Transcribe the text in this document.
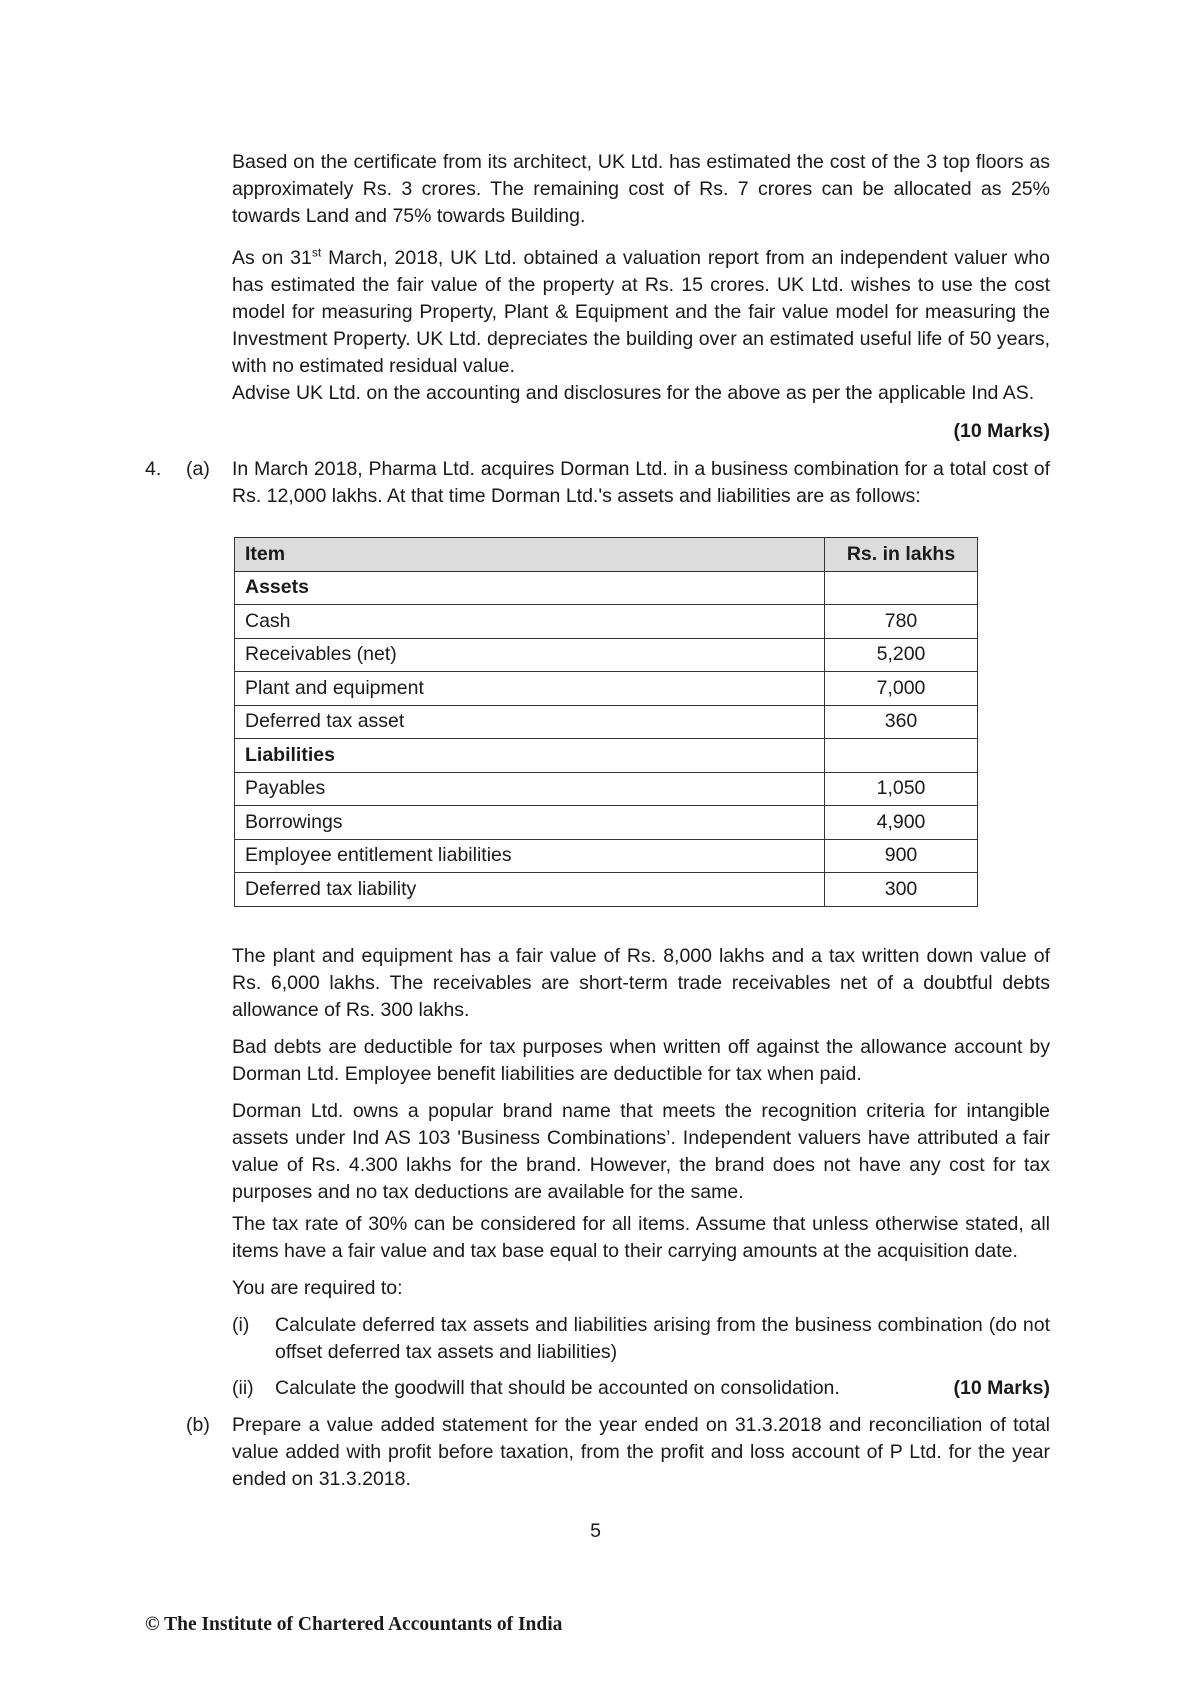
Based on the certificate from its architect, UK Ltd. has estimated the cost of the 3 top floors as approximately Rs. 3 crores. The remaining cost of Rs. 7 crores can be allocated as 25% towards Land and 75% towards Building.

As on 31st March, 2018, UK Ltd. obtained a valuation report from an independent valuer who has estimated the fair value of the property at Rs. 15 crores. UK Ltd. wishes to use the cost model for measuring Property, Plant & Equipment and the fair value model for measuring the Investment Property. UK Ltd. depreciates the building over an estimated useful life of 50 years, with no estimated residual value.

Advise UK Ltd. on the accounting and disclosures for the above as per the applicable Ind AS.

(10 Marks)
4. (a) In March 2018, Pharma Ltd. acquires Dorman Ltd. in a business combination for a total cost of Rs. 12,000 lakhs. At that time Dorman Ltd.'s assets and liabilities are as follows:

Item	Rs. in lakhs
Assets	
Cash	780
Receivables (net)	5,200
Plant and equipment	7,000
Deferred tax asset	360
Liabilities	
Payables	1,050
Borrowings	4,900
Employee entitlement liabilities	900
Deferred tax liability	300

The plant and equipment has a fair value of Rs. 8,000 lakhs and a tax written down value of Rs. 6,000 lakhs. The receivables are short-term trade receivables net of a doubtful debts allowance of Rs. 300 lakhs.

Bad debts are deductible for tax purposes when written off against the allowance account by Dorman Ltd. Employee benefit liabilities are deductible for tax when paid.

Dorman Ltd. owns a popular brand name that meets the recognition criteria for intangible assets under Ind AS 103 'Business Combinations’. Independent valuers have attributed a fair value of Rs. 4.300 lakhs for the brand. However, the brand does not have any cost for tax purposes and no tax deductions are available for the same.

The tax rate of 30% can be considered for all items. Assume that unless otherwise stated, all items have a fair value and tax base equal to their carrying amounts at the acquisition date.

You are required to:

(i) Calculate deferred tax assets and liabilities arising from the business combination (do not offset deferred tax assets and liabilities)

(ii) Calculate the goodwill that should be accounted on consolidation.	(10 Marks)
(b) Prepare a value added statement for the year ended on 31.3.2018 and reconciliation of total value added with profit before taxation, from the profit and loss account of P Ltd. for the year ended on 31.3.2018.

5
© The Institute of Chartered Accountants of India
